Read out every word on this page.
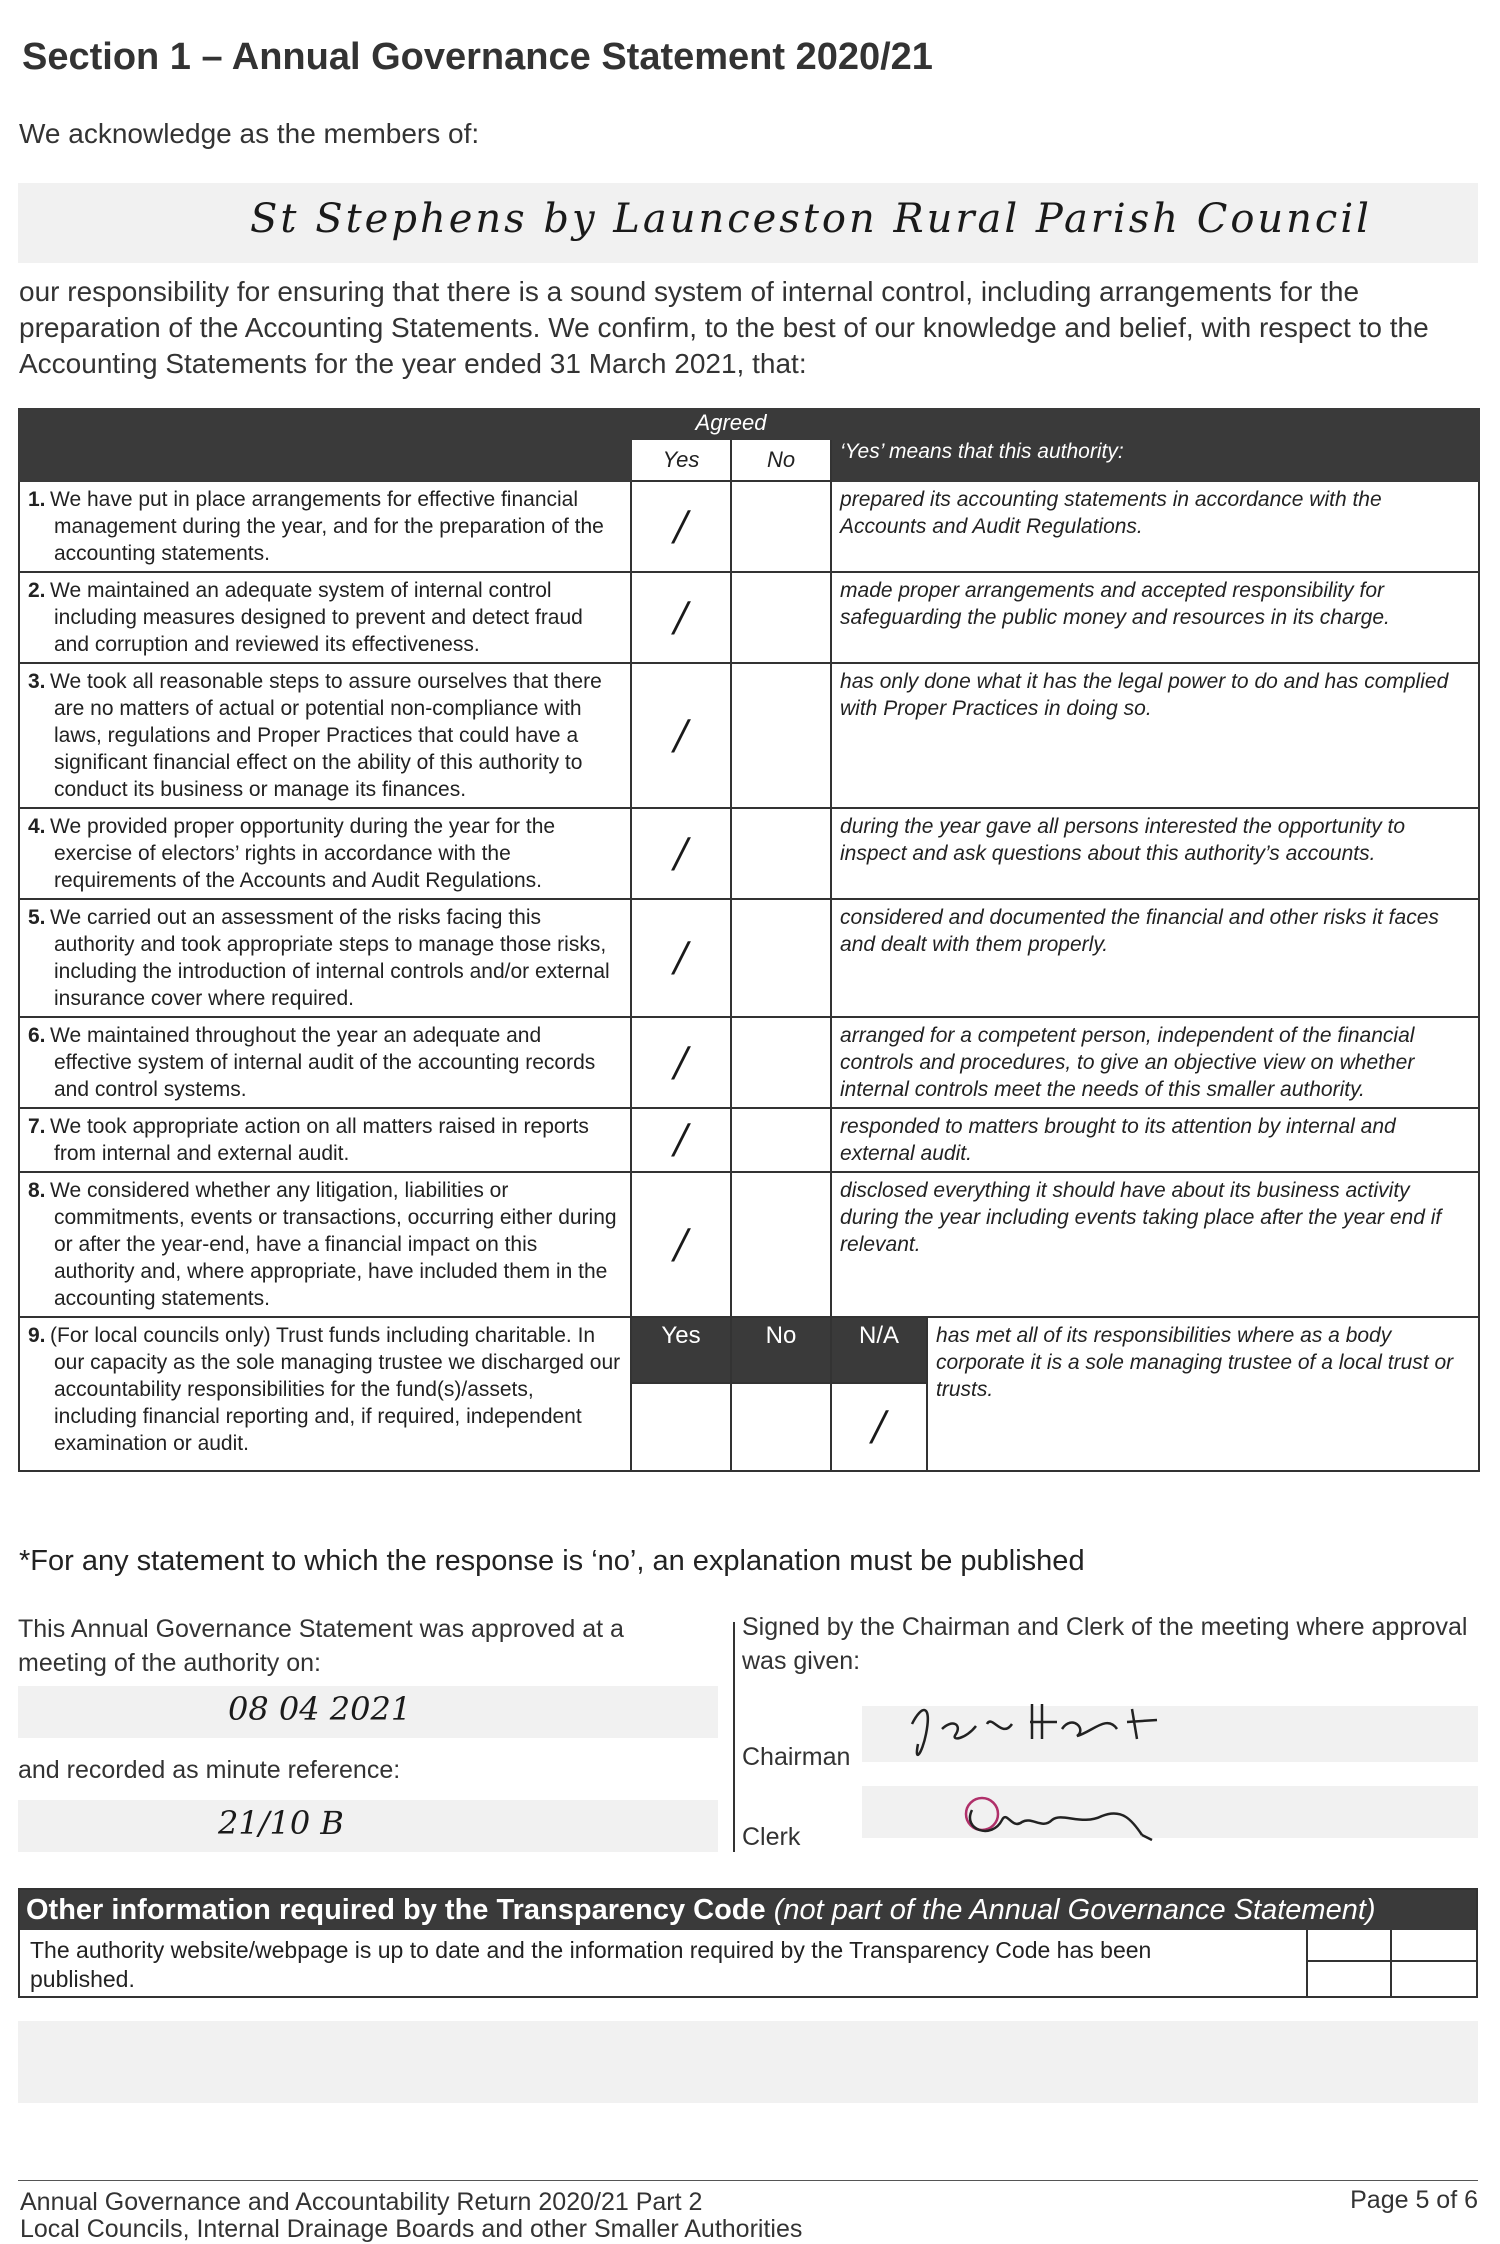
Section 1 – Annual Governance Statement 2020/21
We acknowledge as the members of:
St Stephens by Launceston Rural Parish Council
our responsibility for ensuring that there is a sound system of internal control, including arrangements for the preparation of the Accounting Statements. We confirm, to the best of our knowledge and belief, with respect to the Accounting Statements for the year ended 31 March 2021, that:
	Agreed			
	Yes	No	‘Yes’ means that this authority:	
1. We have put in place arrangements for effective financial management during the year, and for the preparation of the accounting statements.	/		prepared its accounting statements in accordance with the Accounts and Audit Regulations.	
2. We maintained an adequate system of internal control including measures designed to prevent and detect fraud and corruption and reviewed its effectiveness.	/		made proper arrangements and accepted responsibility for safeguarding the public money and resources in its charge.	
3. We took all reasonable steps to assure ourselves that there are no matters of actual or potential non-compliance with laws, regulations and Proper Practices that could have a significant financial effect on the ability of this authority to conduct its business or manage its finances.	/		has only done what it has the legal power to do and has complied with Proper Practices in doing so.	
4. We provided proper opportunity during the year for the exercise of electors’ rights in accordance with the requirements of the Accounts and Audit Regulations.	/		during the year gave all persons interested the opportunity to inspect and ask questions about this authority’s accounts.	
5. We carried out an assessment of the risks facing this authority and took appropriate steps to manage those risks, including the introduction of internal controls and/or external insurance cover where required.	/		considered and documented the financial and other risks it faces and dealt with them properly.	
6. We maintained throughout the year an adequate and effective system of internal audit of the accounting records and control systems.	/		arranged for a competent person, independent of the financial controls and procedures, to give an objective view on whether internal controls meet the needs of this smaller authority.	
7. We took appropriate action on all matters raised in reports from internal and external audit.	/		responded to matters brought to its attention by internal and external audit.	
8. We considered whether any litigation, liabilities or commitments, events or transactions, occurring either during or after the year-end, have a financial impact on this authority and, where appropriate, have included them in the accounting statements.	/		disclosed everything it should have about its business activity during the year including events taking place after the year end if relevant.	
9. (For local councils only) Trust funds including charitable. In our capacity as the sole managing trustee we discharged our accountability responsibilities for the fund(s)/assets, including financial reporting and, if required, independent examination or audit.	Yes	No	N/A	has met all of its responsibilities where as a body corporate it is a sole managing trustee of a local trust or trusts.
			/	
*For any statement to which the response is ‘no’, an explanation must be published
This Annual Governance Statement was approved at a meeting of the authority on:
08 04 2021
and recorded as minute reference:
21/10 B
Signed by the Chairman and Clerk of the meeting where approval was given:
Chairman
Clerk
Other information required by the Transparency Code (not part of the Annual Governance Statement)
The authority website/webpage is up to date and the information required by the Transparency Code has been published.
Yes	No
Annual Governance and Accountability Return 2020/21 Part 2
Local Councils, Internal Drainage Boards and other Smaller Authorities
Page 5 of 6
